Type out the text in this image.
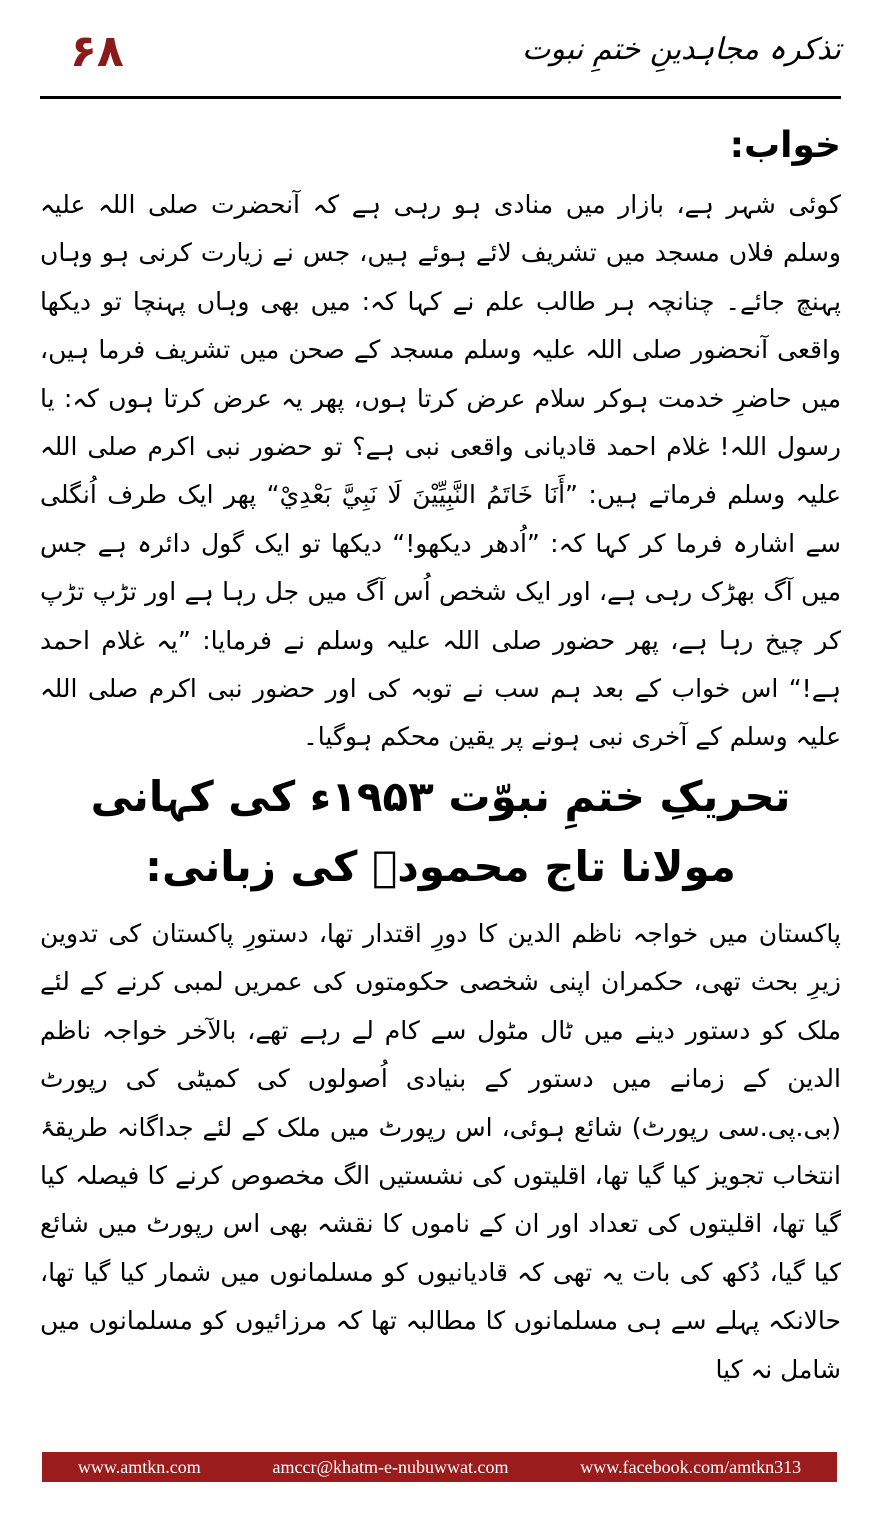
۶۸	تذکرہ مجاہدینِ ختمِ نبوت
خواب:

کوئی شہر ہے، بازار میں منادی ہو رہی ہے کہ آنحضرت صلی اللہ علیہ وسلم فلاں مسجد میں تشریف لائے ہوئے ہیں، جس نے زیارت کرنی ہو وہاں پہنچ جائے۔ چنانچہ ہر طالب علم نے کہا کہ: میں بھی وہاں پہنچا تو دیکھا واقعی آنحضور صلی اللہ علیہ وسلم مسجد کے صحن میں تشریف فرما ہیں، میں حاضرِ خدمت ہوکر سلام عرض کرتا ہوں، پھر یہ عرض کرتا ہوں کہ: یا رسول اللہ! غلام احمد قادیانی واقعی نبی ہے؟ تو حضور نبی اکرم صلی اللہ علیہ وسلم فرماتے ہیں: ”أَنَا خَاتَمُ النَّبِيِّيْنَ لَا نَبِيَّ بَعْدِيْ“ پھر ایک طرف اُنگلی سے اشارہ فرما کر کہا کہ: ”اُدھر دیکھو!“ دیکھا تو ایک گول دائرہ ہے جس میں آگ بھڑک رہی ہے، اور ایک شخص اُس آگ میں جل رہا ہے اور تڑپ تڑپ کر چیخ رہا ہے، پھر حضور صلی اللہ علیہ وسلم نے فرمایا: ”یہ غلام احمد ہے!“ اس خواب کے بعد ہم سب نے توبہ کی اور حضور نبی اکرم صلی اللہ علیہ وسلم کے آخری نبی ہونے پر یقین محکم ہوگیا۔

تحریکِ ختمِ نبوّت ۱۹۵۳ء کی کہانی
مولانا تاج محمودؒ کی زبانی:

پاکستان میں خواجہ ناظم الدین کا دورِ اقتدار تھا، دستورِ پاکستان کی تدوین زیرِ بحث تھی، حکمران اپنی شخصی حکومتوں کی عمریں لمبی کرنے کے لئے ملک کو دستور دینے میں ٹال مٹول سے کام لے رہے تھے، بالآخر خواجہ ناظم الدین کے زمانے میں دستور کے بنیادی اُصولوں کی کمیٹی کی رپورٹ (بی.پی.سی رپورٹ) شائع ہوئی، اس رپورٹ میں ملک کے لئے جداگانہ طریقۂ انتخاب تجویز کیا گیا تھا، اقلیتوں کی نشستیں الگ مخصوص کرنے کا فیصلہ کیا گیا تھا، اقلیتوں کی تعداد اور ان کے ناموں کا نقشہ بھی اس رپورٹ میں شائع کیا گیا، دُکھ کی بات یہ تھی کہ قادیانیوں کو مسلمانوں میں شمار کیا گیا تھا، حالانکہ پہلے سے ہی مسلمانوں کا مطالبہ تھا کہ مرزائیوں کو مسلمانوں میں شامل نہ کیا

www.amtkn.com	amccr@khatm-e-nubuwwat.com	www.facebook.com/amtkn313
